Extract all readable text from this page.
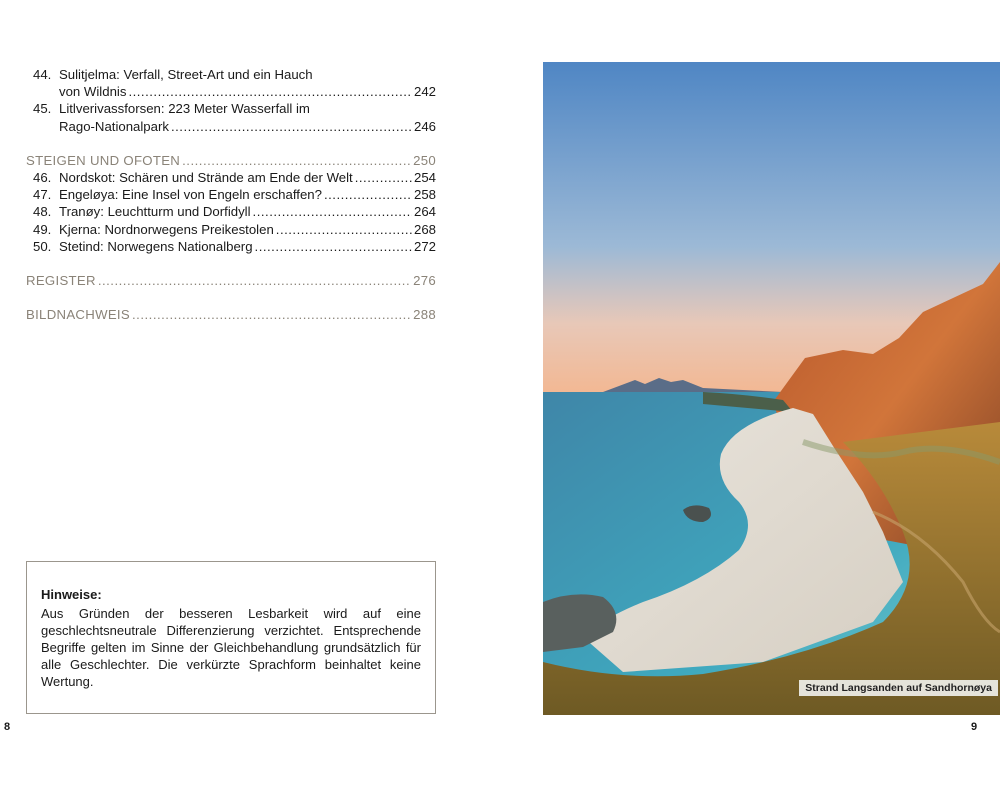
44. Sulitjelma: Verfall, Street-Art und ein Hauch
von Wildnis .....	242
45. Litlverivassforsen: 223 Meter Wasserfall im
Rago-Nationalpark .....	246
STEIGEN UND OFOTEN .....	250
46. Nordskot: Schären und Strände am Ende der Welt .....	254
47. Engeløya: Eine Insel von Engeln erschaffen? .....	258
48. Tranøy: Leuchtturm und Dorfidyll .....	264
49. Kjerna: Nordnorwegens Preikestolen .....	268
50. Stetind: Norwegens Nationalberg .....	272
REGISTER .....	276
BILDNACHWEIS .....	288
Hinweise:
Aus Gründen der besseren Lesbarkeit wird auf eine geschlechtsneutrale Differenzierung verzichtet. Entsprechende Begriffe gelten im Sinne der Gleichbehandlung grundsätzlich für alle Geschlechter. Die verkürzte Sprachform beinhaltet keine Wertung.
8	9
Strand Langsanden auf Sandhornøya
